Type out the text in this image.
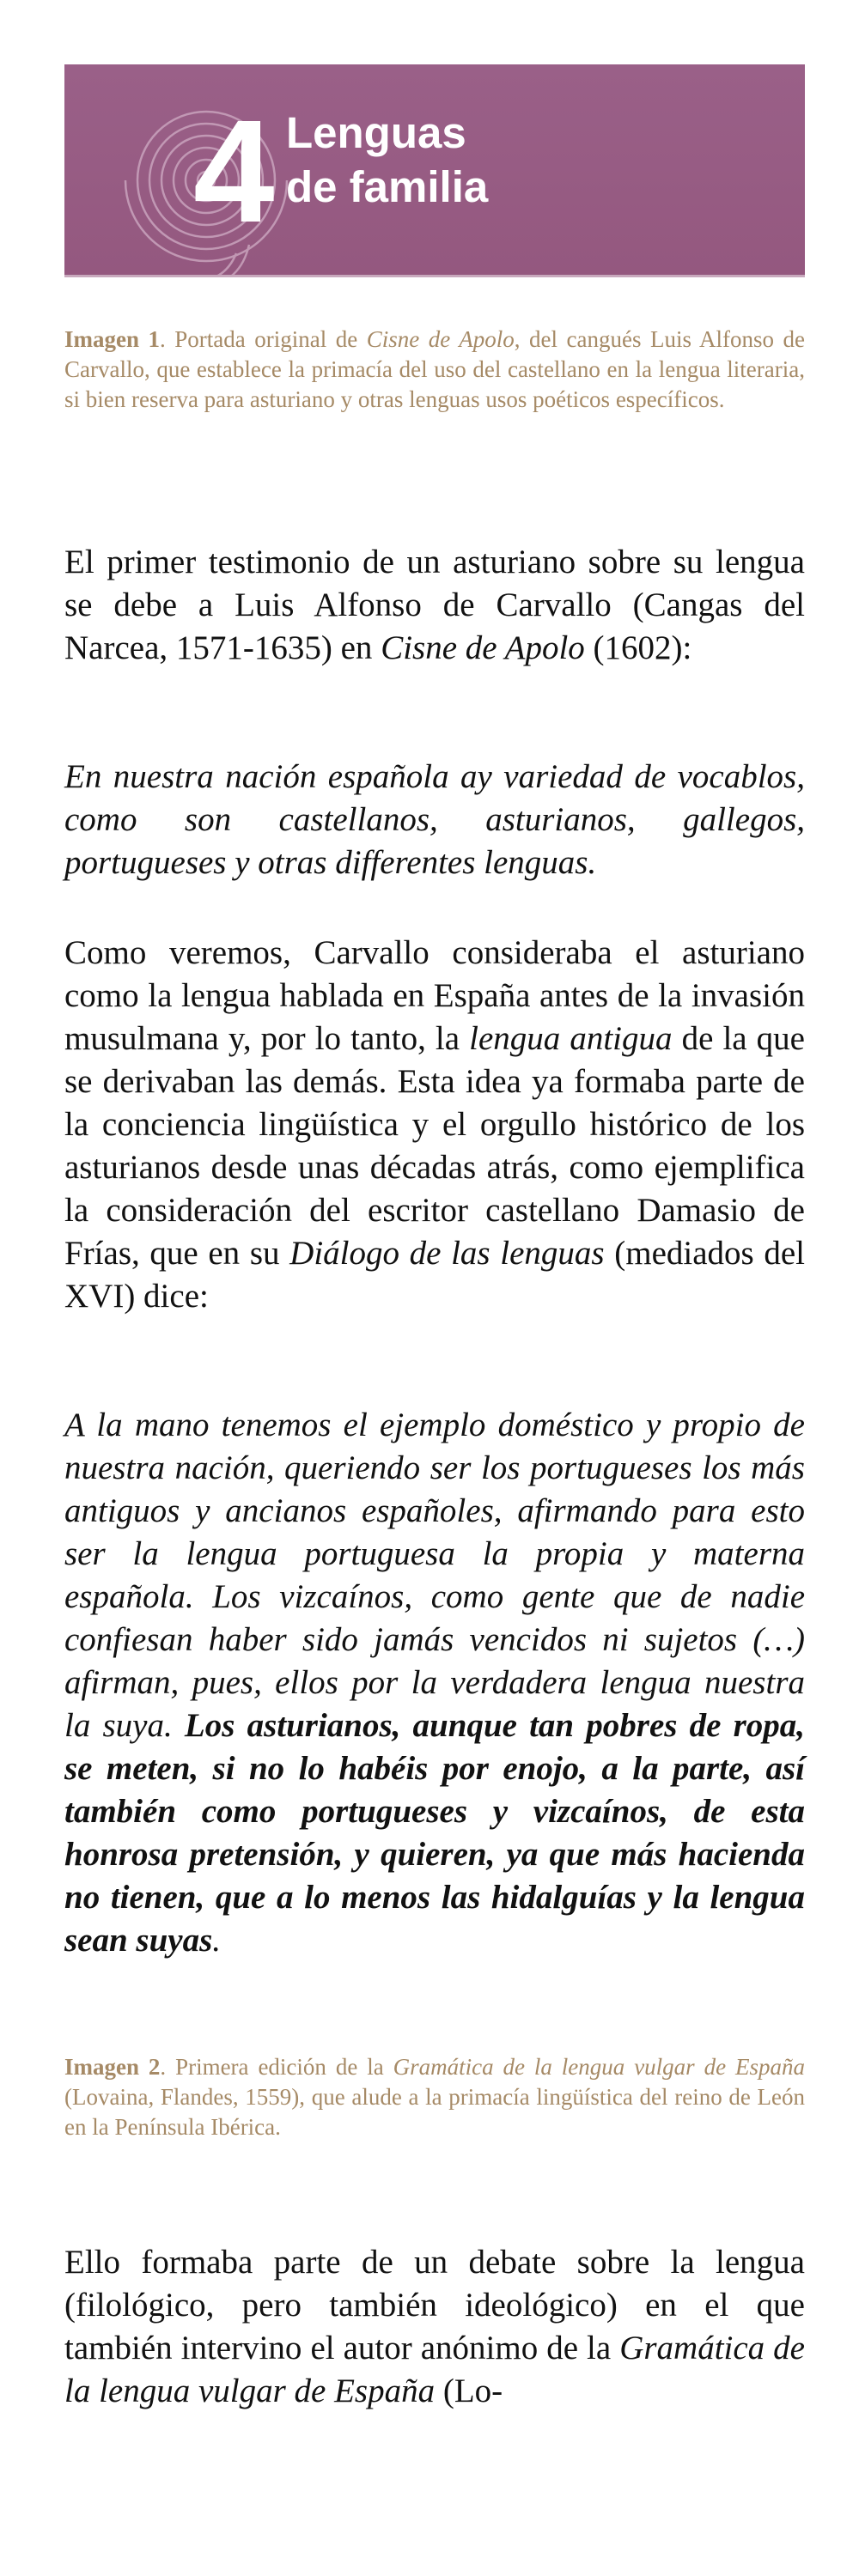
4 Lenguas
de familia
Imagen 1. Portada original de Cisne de Apolo, del cangués Luis Alfonso de Carvallo, que establece la primacía del uso del castellano en la lengua literaria, si bien reserva para asturiano y otras lenguas usos poéticos específicos.
El primer testimonio de un asturiano sobre su lengua se debe a Luis Alfonso de Carvallo (Cangas del Narcea, 1571-1635) en Cisne de Apolo (1602):
En nuestra nación española ay variedad de vocablos, como son castellanos, asturianos, gallegos, portugueses y otras differentes lenguas.
Como veremos, Carvallo consideraba el asturiano como la lengua hablada en España antes de la invasión musulmana y, por lo tanto, la lengua antigua de la que se derivaban las demás. Esta idea ya formaba parte de la conciencia lingüística y el orgullo histórico de los asturianos desde unas décadas atrás, como ejemplifica la consideración del escritor castellano Damasio de Frías, que en su Diálogo de las lenguas (mediados del XVI) dice:
A la mano tenemos el ejemplo doméstico y propio de nuestra nación, queriendo ser los portugueses los más antiguos y ancianos españoles, afirmando para esto ser la lengua portuguesa la propia y materna española. Los vizcaínos, como gente que de nadie confiesan haber sido jamás vencidos ni sujetos (…) afirman, pues, ellos por la verdadera lengua nuestra la suya. Los asturianos, aunque tan pobres de ropa, se meten, si no lo habéis por enojo, a la parte, así también como portugueses y vizcaínos, de esta honrosa pretensión, y quieren, ya que más hacienda no tienen, que a lo menos las hidalguías y la lengua sean suyas.
Imagen 2. Primera edición de la Gramática de la lengua vulgar de España (Lovaina, Flandes, 1559), que alude a la primacía lingüística del reino de León en la Península Ibérica.
Ello formaba parte de un debate sobre la lengua (filológico, pero también ideológico) en el que también intervino el autor anónimo de la Gramática de la lengua vulgar de España (Lo-
